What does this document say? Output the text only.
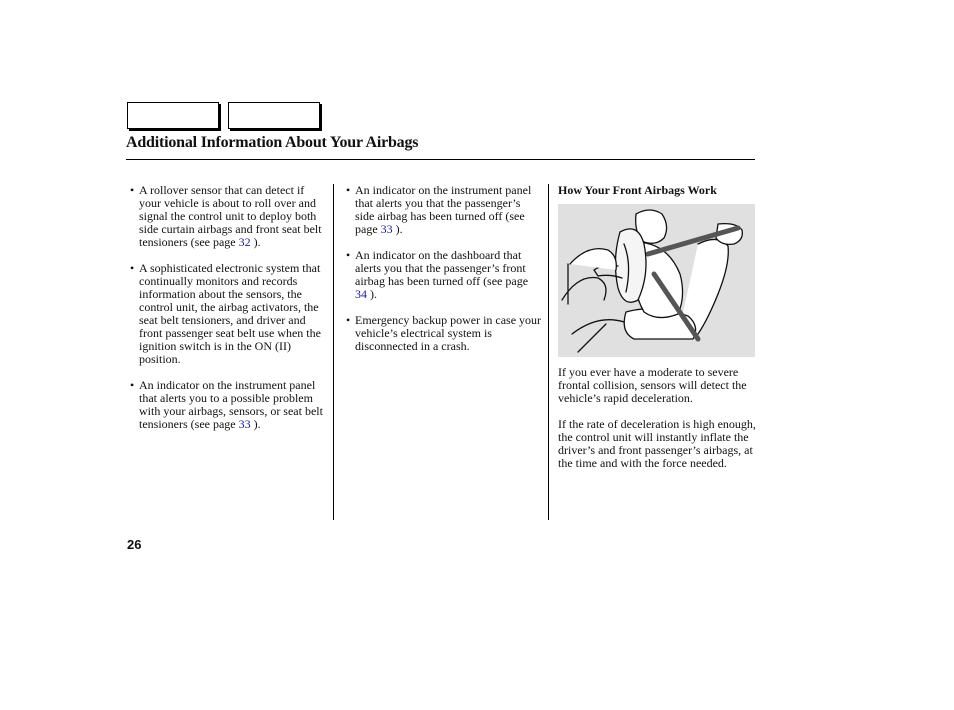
Additional Information About Your Airbags
• A rollover sensor that can detect if your vehicle is about to roll over and signal the control unit to deploy both side curtain airbags and front seat belt tensioners (see page 32 ).
• A sophisticated electronic system that continually monitors and records information about the sensors, the control unit, the airbag activators, the seat belt tensioners, and driver and front passenger seat belt use when the ignition switch is in the ON (II) position.
• An indicator on the instrument panel that alerts you to a possible problem with your airbags, sensors, or seat belt tensioners (see page 33 ).
• An indicator on the instrument panel that alerts you that the passenger’s side airbag has been turned off (see page 33 ).
• An indicator on the dashboard that alerts you that the passenger’s front airbag has been turned off (see page 34 ).
• Emergency backup power in case your vehicle’s electrical system is disconnected in a crash.
How Your Front Airbags Work
If you ever have a moderate to severe frontal collision, sensors will detect the vehicle’s rapid deceleration.
If the rate of deceleration is high enough, the control unit will instantly inflate the driver’s and front passenger’s airbags, at the time and with the force needed.
26
